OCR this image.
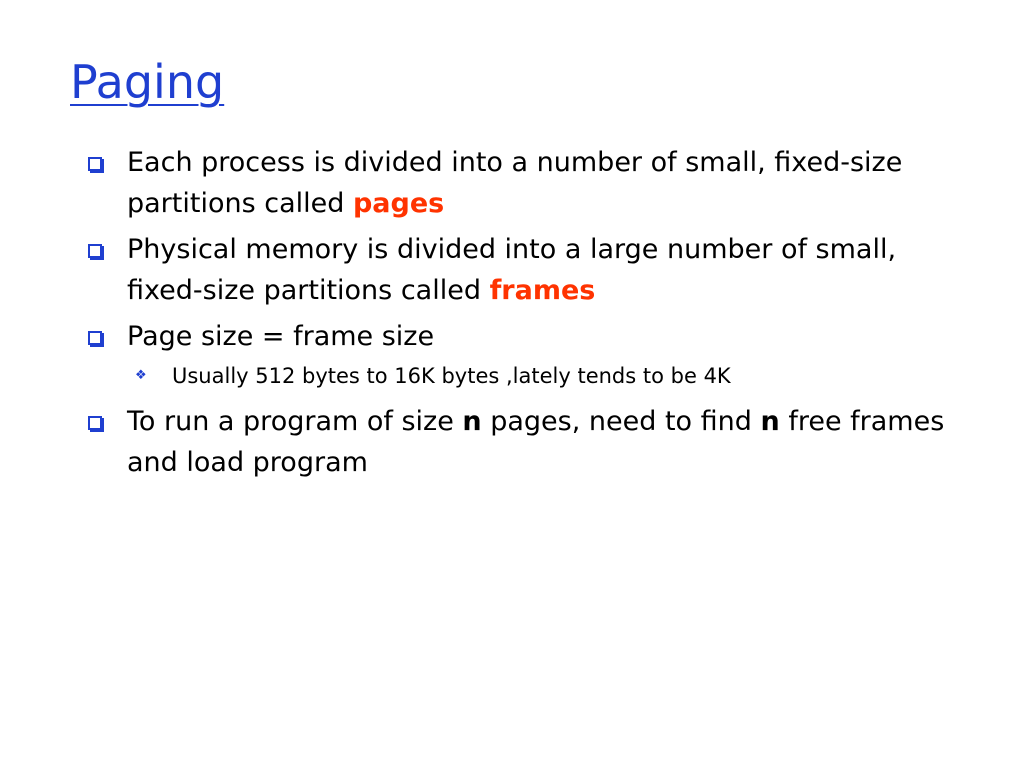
Paging
Each process is divided into a number of small, fixed-size partitions called pages
Physical memory is divided into a large number of small, fixed-size partitions called frames
Page size = frame size
❖ Usually 512 bytes to 16K bytes ,lately tends to be 4K
To run a program of size n pages, need to find n free frames and load program
